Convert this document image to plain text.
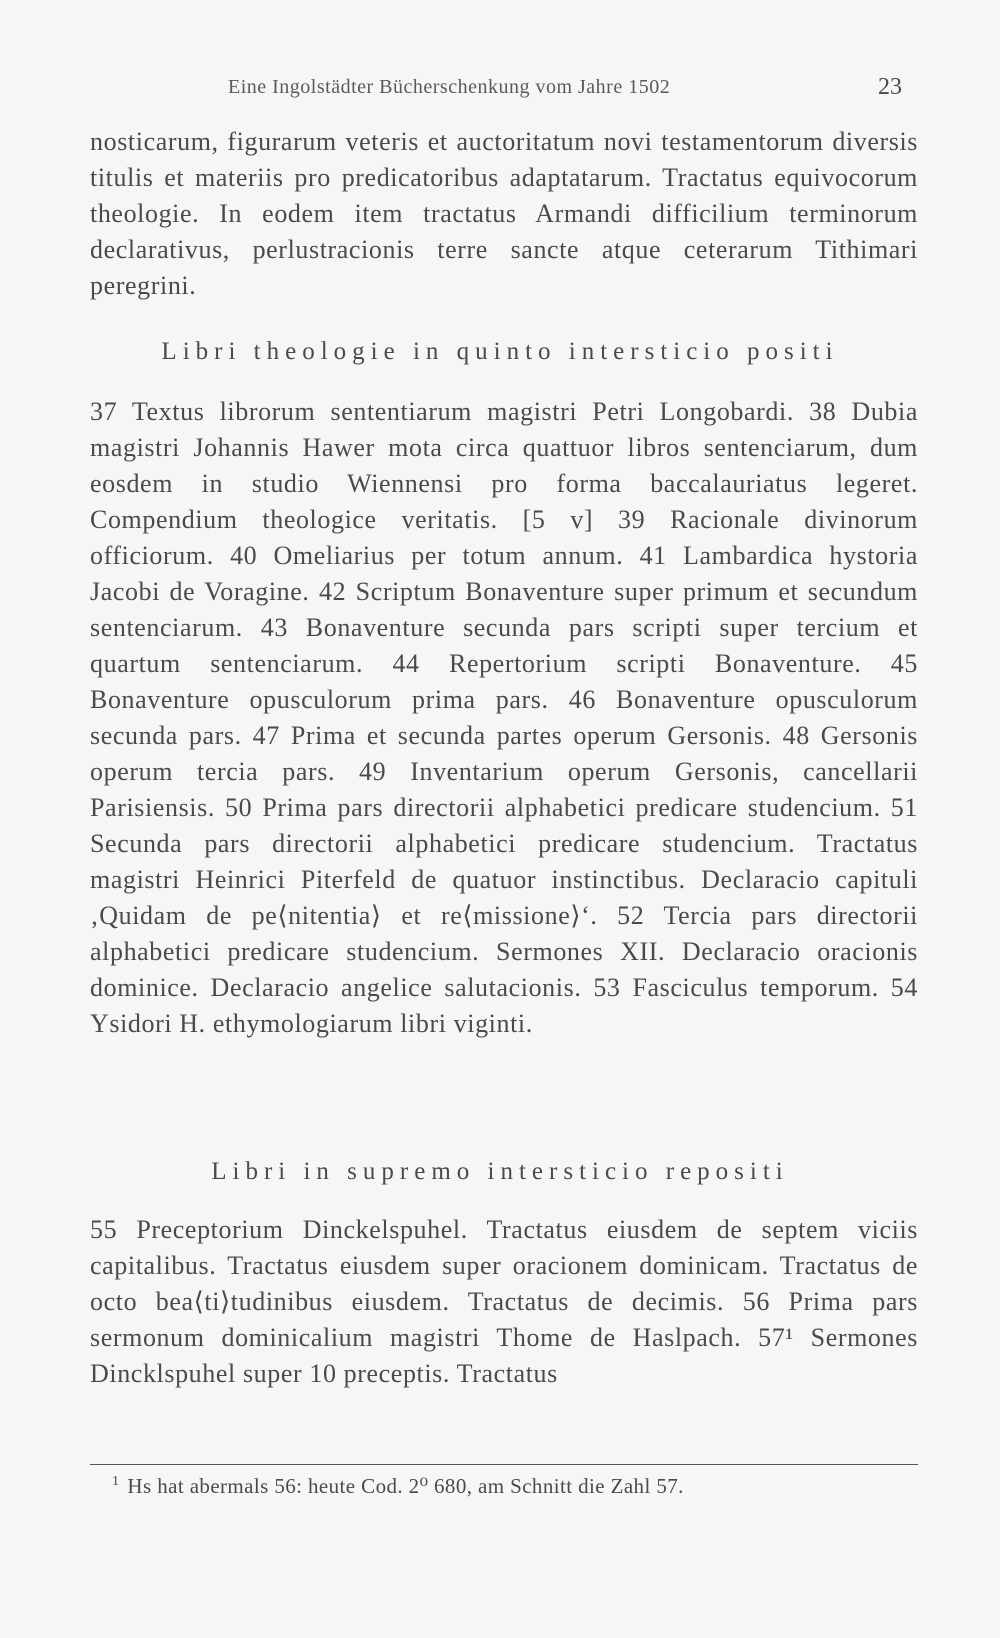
Eine Ingolstädter Bücherschenkung vom Jahre 1502	23

nosticarum, figurarum veteris et auctoritatum novi testamentorum diversis titulis et materiis pro predicatoribus adaptatarum. Tractatus equivocorum theologie. In eodem item tractatus Armandi difficilium terminorum declarativus, perlustracionis terre sancte atque ceterarum Tithimari peregrini.

Libri theologie in quinto intersticio positi

37 Textus librorum sententiarum magistri Petri Longobardi. 38 Dubia magistri Johannis Hawer mota circa quattuor libros sentenciarum, dum eosdem in studio Wiennensi pro forma baccalauriatus legeret. Compendium theologice veritatis. [5 v] 39 Racionale divinorum officiorum. 40 Omeliarius per totum annum. 41 Lambardica hystoria Jacobi de Voragine. 42 Scriptum Bonaventure super primum et secundum sentenciarum. 43 Bonaventure secunda pars scripti super tercium et quartum sentenciarum. 44 Repertorium scripti Bonaventure. 45 Bonaventure opusculorum prima pars. 46 Bonaventure opusculorum secunda pars. 47 Prima et secunda partes operum Gersonis. 48 Gersonis operum tercia pars. 49 Inventarium operum Gersonis, cancellarii Parisiensis. 50 Prima pars directorii alphabetici predicare studencium. 51 Secunda pars directorii alphabetici predicare studencium. Tractatus magistri Heinrici Piterfeld de quatuor instinctibus. Declaracio capituli ‚Quidam de pe⟨nitentia⟩ et re⟨missione⟩‘. 52 Tercia pars directorii alphabetici predicare studencium. Sermones XII. Declaracio oracionis dominice. Declaracio angelice salutacionis. 53 Fasciculus temporum. 54 Ysidori H. ethymologiarum libri viginti.

Libri in supremo intersticio repositi

55 Preceptorium Dinckelspuhel. Tractatus eiusdem de septem viciis capitalibus. Tractatus eiusdem super oracionem dominicam. Tractatus de octo bea⟨ti⟩tudinibus eiusdem. Tractatus de decimis. 56 Prima pars sermonum dominicalium magistri Thome de Haslpach. 57¹ Sermones Dincklspuhel super 10 preceptis. Tractatus

$^1$ Hs hat abermals 56: heute Cod. 2⁰ 680, am Schnitt die Zahl 57.
